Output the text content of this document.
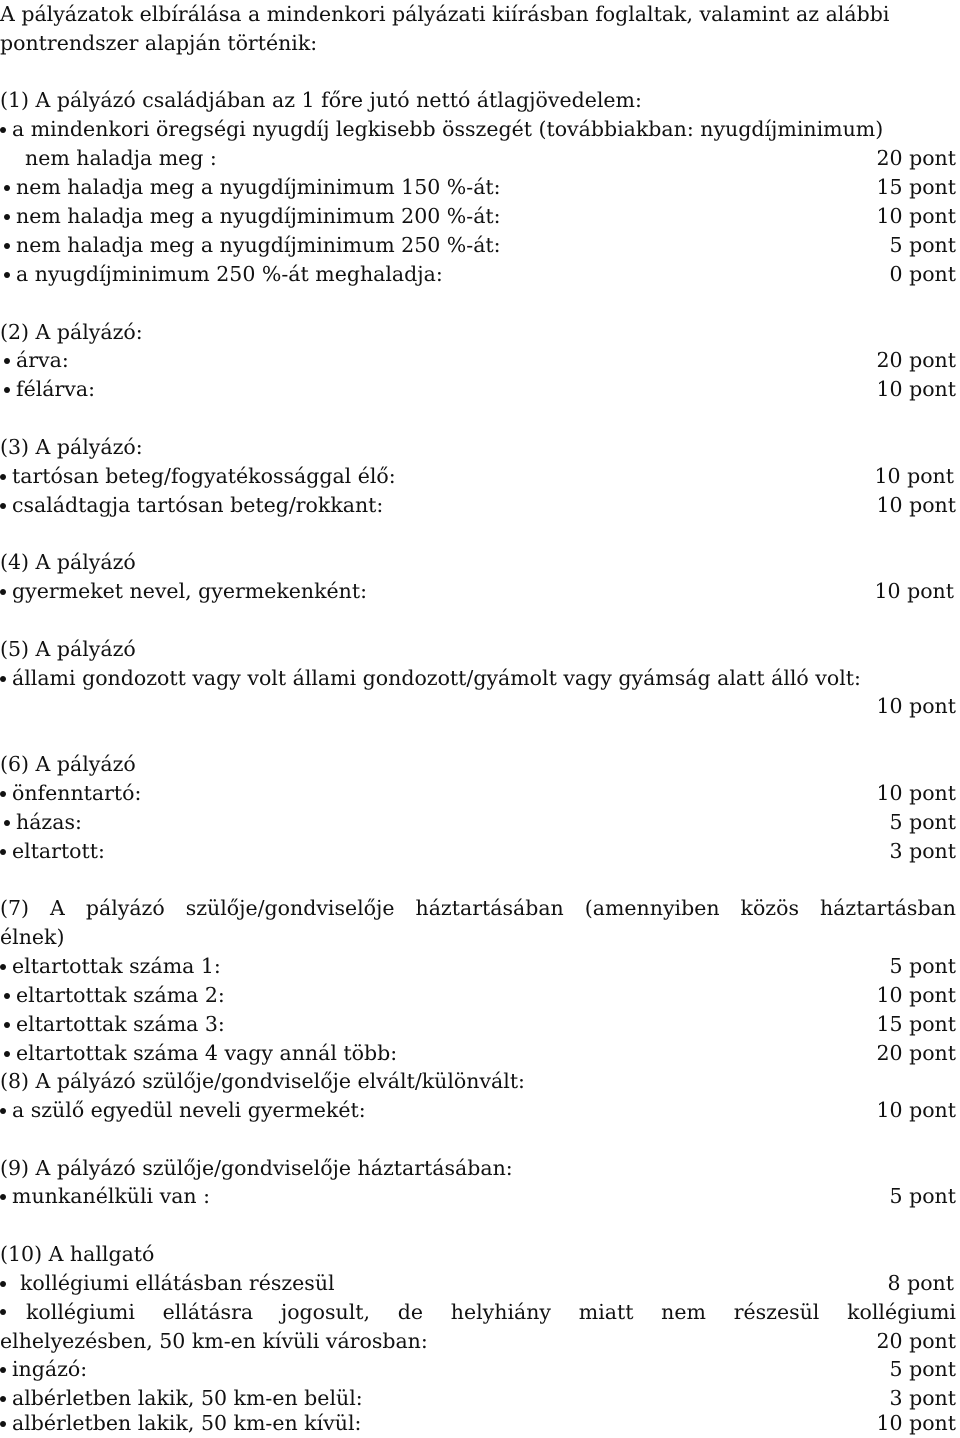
A pályázatok elbírálása a mindenkori pályázati kiírásban foglaltak, valamint az alábbi
pontrendszer alapján történik:
(1) A pályázó családjában az 1 főre jutó nettó átlagjövedelem:
a mindenkori öregségi nyugdíj legkisebb összegét (továbbiakban: nyugdíjminimum)
nem haladja meg :	20 pont
nem haladja meg a nyugdíjminimum 150 %-át:	15 pont
nem haladja meg a nyugdíjminimum 200 %-át:	10 pont
nem haladja meg a nyugdíjminimum 250 %-át:	5 pont
a nyugdíjminimum 250 %-át meghaladja:	0 pont
(2) A pályázó:
árva:	20 pont
félárva:	10 pont
(3) A pályázó:
tartósan beteg/fogyatékossággal élő:	10 pont
családtagja tartósan beteg/rokkant:	10 pont
(4) A pályázó
gyermeket nevel, gyermekenként:	10 pont
(5) A pályázó
állami gondozott vagy volt állami gondozott/gyámolt vagy gyámság alatt álló volt:
10 pont
(6) A pályázó
önfenntartó:	10 pont
házas:	5 pont
eltartott:	3 pont
(7) A pályázó szülője/gondviselője háztartásában (amennyiben közös háztartásban
élnek)
eltartottak száma 1:	5 pont
eltartottak száma 2:	10 pont
eltartottak száma 3:	15 pont
eltartottak száma 4 vagy annál több:	20 pont
(8) A pályázó szülője/gondviselője elvált/különvált:
a szülő egyedül neveli gyermekét:	10 pont
(9) A pályázó szülője/gondviselője háztartásában:
munkanélküli van :	5 pont
(10) A hallgató
kollégiumi ellátásban részesül	8 pont
kollégiumi ellátásra jogosult, de helyhiány miatt nem részesül kollégiumi
elhelyezésben, 50 km-en kívüli városban:	20 pont
ingázó:	5 pont
albérletben lakik, 50 km-en belül:	3 pont
albérletben lakik, 50 km-en kívül:	10 pont
